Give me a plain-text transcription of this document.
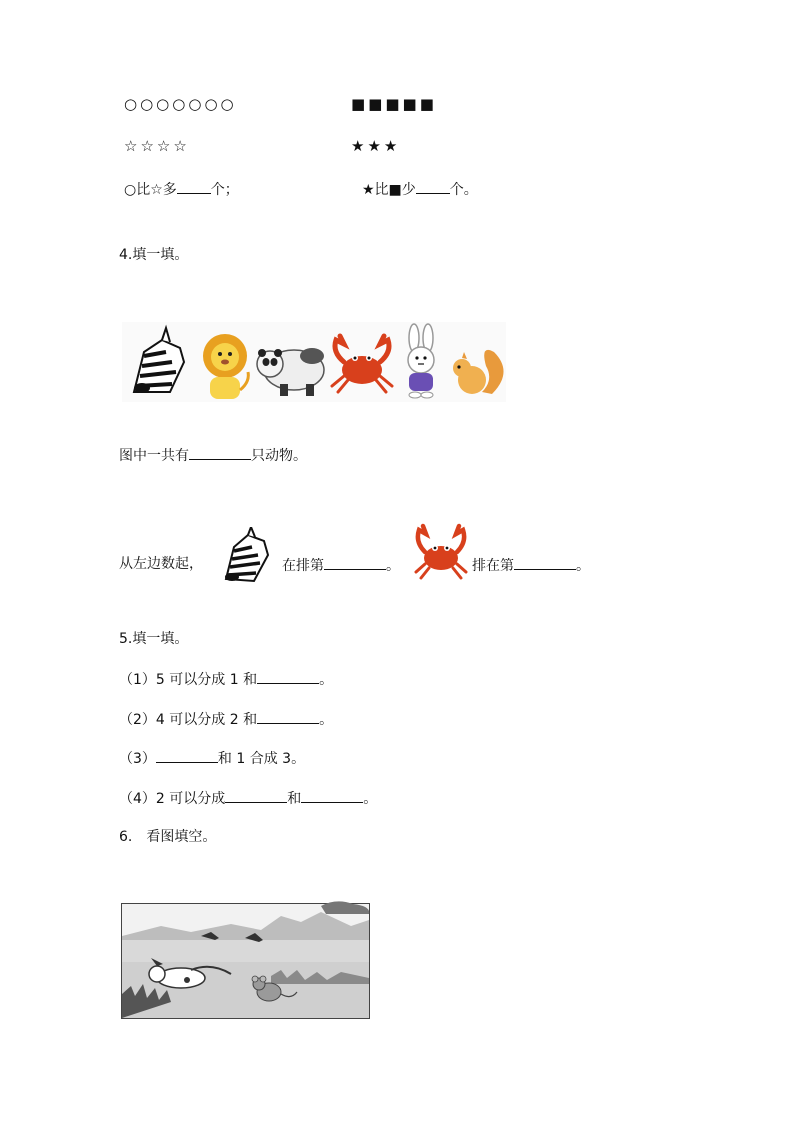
○○○○○○○	■■■■■
☆☆☆☆	★★★
○比☆多 个；	★比■少 个。
4.填一填。
图中一共有	只动物。
从左边数起，	在排第	。	排在第	。
5.填一填。
（1）5 可以分成 1 和	。
（2）4 可以分成 2 和	。
（3）	和 1 合成 3。
（4）2 可以分成	和	。
6.　看图填空。
